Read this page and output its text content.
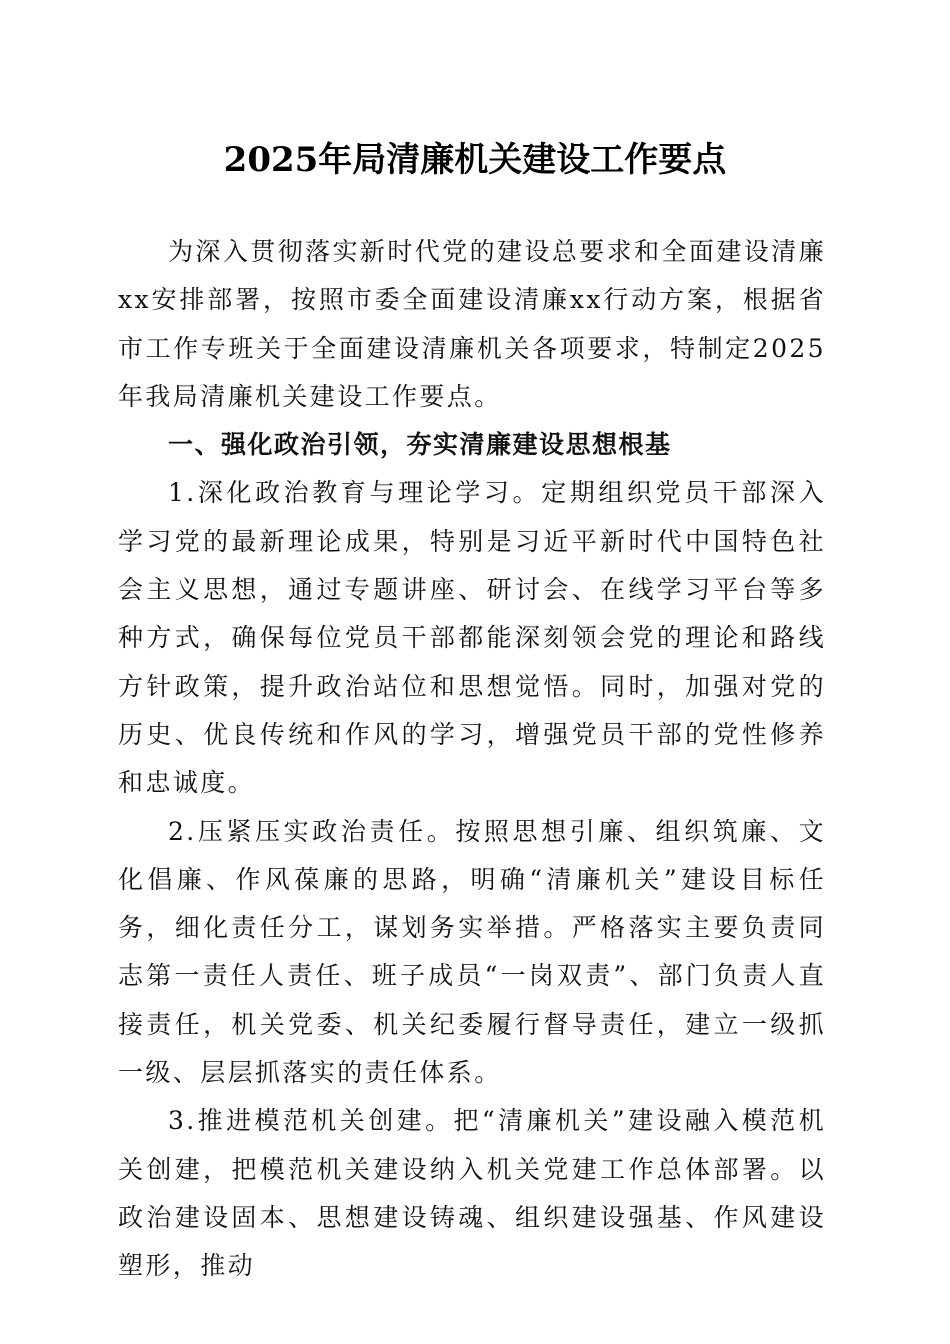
2025年局清廉机关建设工作要点

为深入贯彻落实新时代党的建设总要求和全面建设清廉xx安排部署，按照市委全面建设清廉xx行动方案，根据省市工作专班关于全面建设清廉机关各项要求，特制定2025年我局清廉机关建设工作要点。

一、强化政治引领，夯实清廉建设思想根基

1.深化政治教育与理论学习。定期组织党员干部深入学习党的最新理论成果，特别是习近平新时代中国特色社会主义思想，通过专题讲座、研讨会、在线学习平台等多种方式，确保每位党员干部都能深刻领会党的理论和路线方针政策，提升政治站位和思想觉悟。同时，加强对党的历史、优良传统和作风的学习，增强党员干部的党性修养和忠诚度。

2.压紧压实政治责任。按照思想引廉、组织筑廉、文化倡廉、作风葆廉的思路，明确“清廉机关”建设目标任务，细化责任分工，谋划务实举措。严格落实主要负责同志第一责任人责任、班子成员“一岗双责”、部门负责人直接责任，机关党委、机关纪委履行督导责任，建立一级抓一级、层层抓落实的责任体系。

3.推进模范机关创建。把“清廉机关”建设融入模范机关创建，把模范机关建设纳入机关党建工作总体部署。以政治建设固本、思想建设铸魂、组织建设强基、作风建设塑形，推动
